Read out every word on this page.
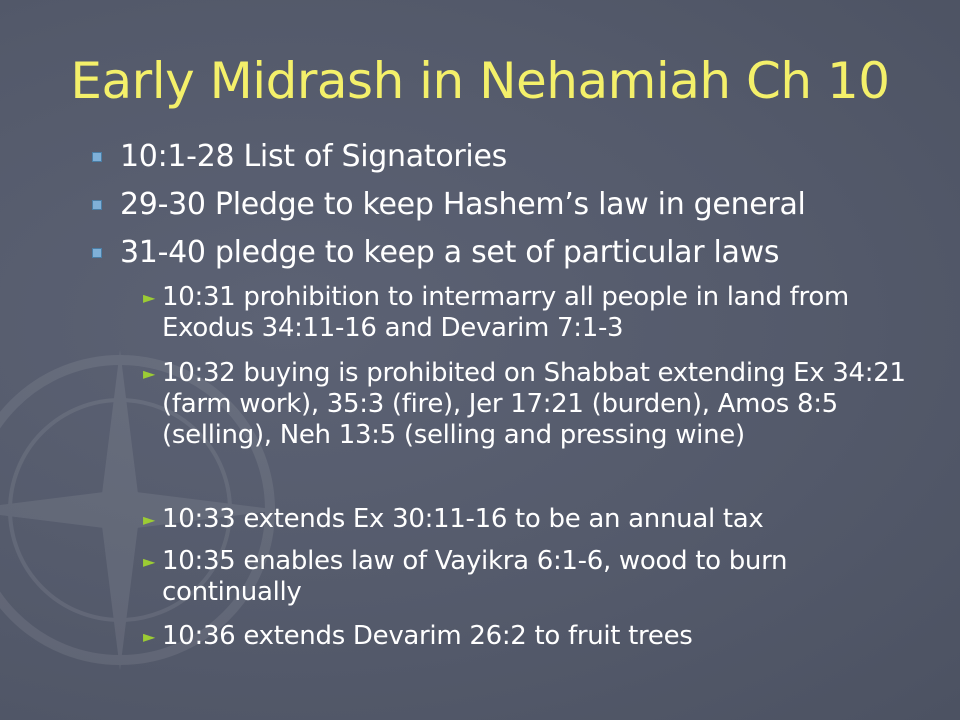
Early Midrash in Nehamiah Ch 10
10:1-28 List of Signatories
29-30 Pledge to keep Hashem’s law in general
31-40 pledge to keep a set of particular laws
► 10:31 prohibition to intermarry all people in land from Exodus 34:11-16 and Devarim 7:1-3
► 10:32 buying is prohibited on Shabbat extending Ex 34:21 (farm work), 35:3 (fire), Jer 17:21 (burden), Amos 8:5 (selling), Neh 13:5 (selling and pressing wine)
► 10:33 extends Ex 30:11-16 to be an annual tax
► 10:35 enables law of Vayikra 6:1-6, wood to burn continually
► 10:36 extends Devarim 26:2 to fruit trees
